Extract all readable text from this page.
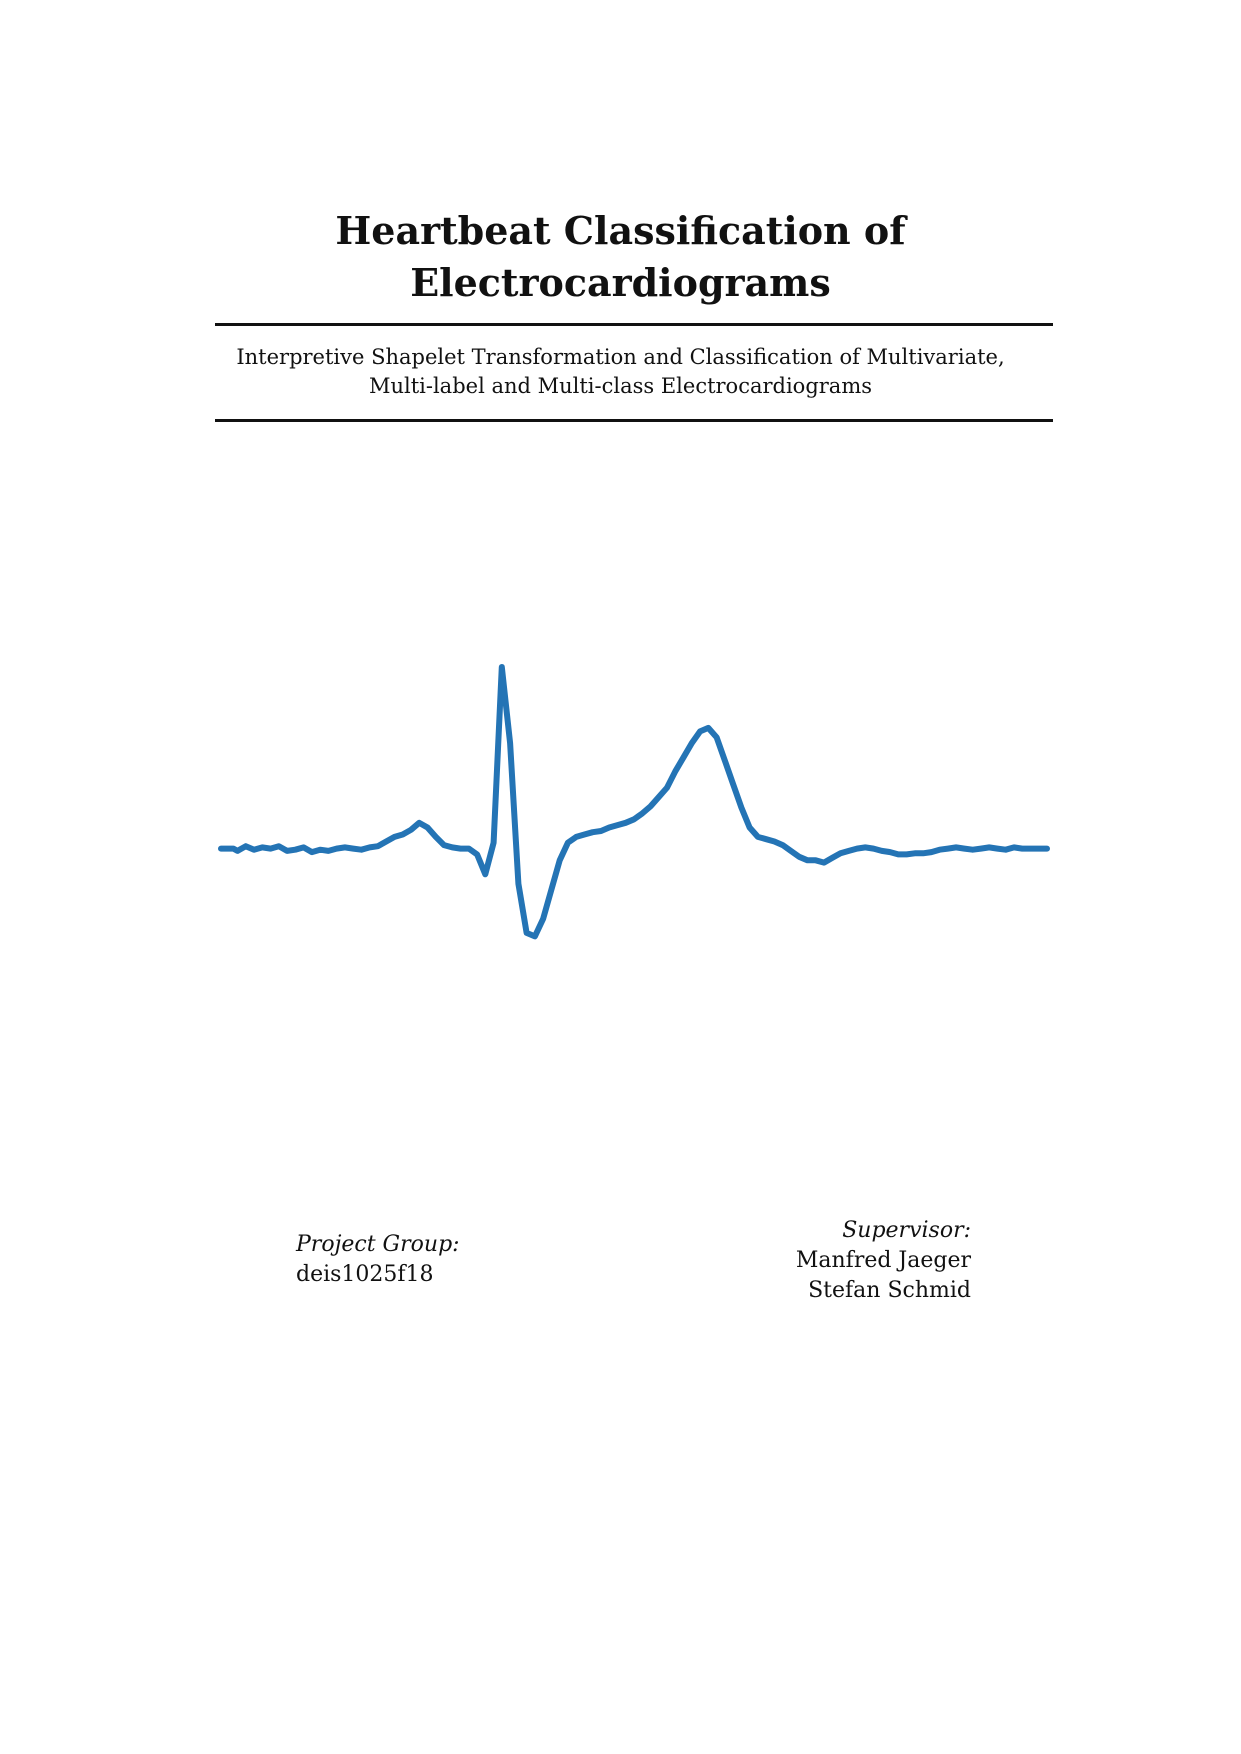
Heartbeat Classification of
Electrocardiograms
Interpretive Shapelet Transformation and Classification of Multivariate,
Multi-label and Multi-class Electrocardiograms
Project Group:
deis1025f18
Supervisor:
Manfred Jaeger
Stefan Schmid
